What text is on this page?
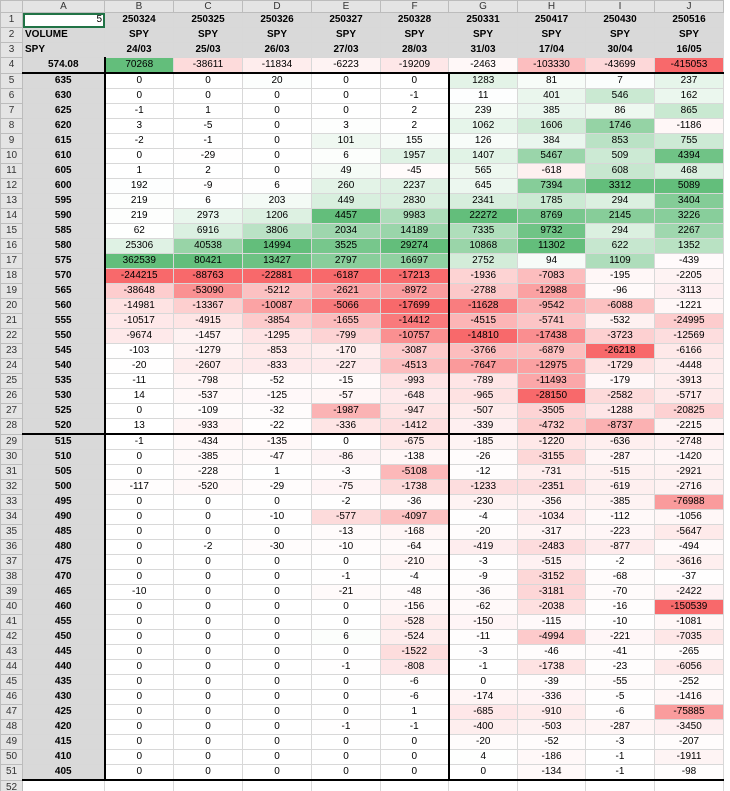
	A	B	C	D	E	F	G	H	I	J
1	5	250324	250325	250326	250327	250328	250331	250417	250430	250516
2	VOLUME	SPY	SPY	SPY	SPY	SPY	SPY	SPY	SPY	SPY
3	SPY	24/03	25/03	26/03	27/03	28/03	31/03	17/04	30/04	16/05
4	574.08	70268	-38611	-11834	-6223	-19209	-2463	-103330	-43699	-415053
5	635	0	0	20	0	0	1283	81	7	237
6	630	0	0	0	0	-1	11	401	546	162
7	625	-1	1	0	0	2	239	385	86	865
8	620	3	-5	0	3	2	1062	1606	1746	-1186
9	615	-2	-1	0	101	155	126	384	853	755
10	610	0	-29	0	6	1957	1407	5467	509	4394
11	605	1	2	0	49	-45	565	-618	608	468
12	600	192	-9	6	260	2237	645	7394	3312	5089
13	595	219	6	203	449	2830	2341	1785	294	3404
14	590	219	2973	1206	4457	9983	22272	8769	2145	3226
15	585	62	6916	3806	2034	14189	7335	9732	294	2267
16	580	25306	40538	14994	3525	29274	10868	11302	622	1352
17	575	362539	80421	13427	2797	16697	2752	94	1109	-439
18	570	-244215	-88763	-22881	-6187	-17213	-1936	-7083	-195	-2205
19	565	-38648	-53090	-5212	-2621	-8972	-2788	-12988	-96	-3113
20	560	-14981	-13367	-10087	-5066	-17699	-11628	-9542	-6088	-1221
21	555	-10517	-4915	-3854	-1655	-14412	-4515	-5741	-532	-24995
22	550	-9674	-1457	-1295	-799	-10757	-14810	-17438	-3723	-12569
23	545	-103	-1279	-853	-170	-3087	-3766	-6879	-26218	-6166
24	540	-20	-2607	-833	-227	-4513	-7647	-12975	-1729	-4448
25	535	-11	-798	-52	-15	-993	-789	-11493	-179	-3913
26	530	14	-537	-125	-57	-648	-965	-28150	-2582	-5717
27	525	0	-109	-32	-1987	-947	-507	-3505	-1288	-20825
28	520	13	-933	-22	-336	-1412	-339	-4732	-8737	-2215
29	515	-1	-434	-135	0	-675	-185	-1220	-636	-2748
30	510	0	-385	-47	-86	-138	-26	-3155	-287	-1420
31	505	0	-228	1	-3	-5108	-12	-731	-515	-2921
32	500	-117	-520	-29	-75	-1738	-1233	-2351	-619	-2716
33	495	0	0	0	-2	-36	-230	-356	-385	-76988
34	490	0	0	-10	-577	-4097	-4	-1034	-112	-1056
35	485	0	0	0	-13	-168	-20	-317	-223	-5647
36	480	0	-2	-30	-10	-64	-419	-2483	-877	-494
37	475	0	0	0	0	-210	-3	-515	-2	-3616
38	470	0	0	0	-1	-4	-9	-3152	-68	-37
39	465	-10	0	0	-21	-48	-36	-3181	-70	-2422
40	460	0	0	0	0	-156	-62	-2038	-16	-150539
41	455	0	0	0	0	-528	-150	-115	-10	-1081
42	450	0	0	0	6	-524	-11	-4994	-221	-7035
43	445	0	0	0	0	-1522	-3	-46	-41	-265
44	440	0	0	0	-1	-808	-1	-1738	-23	-6056
45	435	0	0	0	0	-6	0	-39	-55	-252
46	430	0	0	0	0	-6	-174	-336	-5	-1416
47	425	0	0	0	0	1	-685	-910	-6	-75885
48	420	0	0	0	-1	-1	-400	-503	-287	-3450
49	415	0	0	0	0	0	-20	-52	-3	-207
50	410	0	0	0	0	0	4	-186	-1	-1911
51	405	0	0	0	0	0	0	-134	-1	-98
52										
